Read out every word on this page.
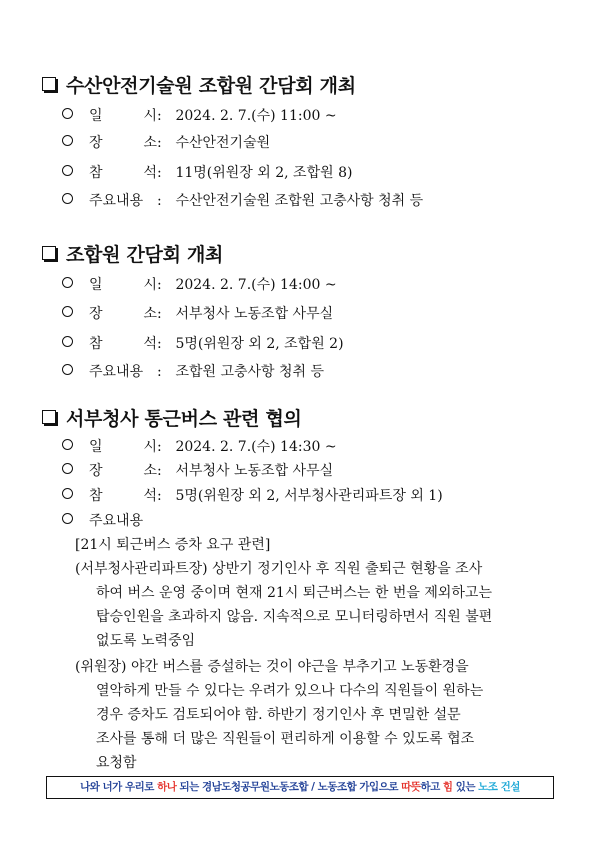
수산안전기술원 조합원 간담회 개최
일	시 : 2024. 2. 7.(수) 11:00 ~
장	소 : 수산안전기술원
참	석 : 11명(위원장 외 2, 조합원 8)
주요내용: 수산안전기술원 조합원 고충사항 청취 등
조합원 간담회 개최
일	시 : 2024. 2. 7.(수) 14:00 ~
장	소 : 서부청사 노동조합 사무실
참	석 : 5명(위원장 외 2, 조합원 2)
주요내용: 조합원 고충사항 청취 등
서부청사 통근버스 관련 협의
일	시 : 2024. 2. 7.(수) 14:30 ~
장	소 : 서부청사 노동조합 사무실
참	석 : 5명(위원장 외 2, 서부청사관리파트장 외 1)
주요내용
[21시 퇴근버스 증차 요구 관련]
(서부청사관리파트장) 상반기 정기인사 후 직원 출퇴근 현황을 조사
하여 버스 운영 중이며 현재 21시 퇴근버스는 한 번을 제외하고는
탑승인원을 초과하지 않음. 지속적으로 모니터링하면서 직원 불편
없도록 노력중임
(위원장) 야간 버스를 증설하는 것이 야근을 부추기고 노동환경을
열악하게 만들 수 있다는 우려가 있으나 다수의 직원들이 원하는
경우 증차도 검토되어야 함. 하반기 정기인사 후 면밀한 설문
조사를 통해 더 많은 직원들이 편리하게 이용할 수 있도록 협조
요청함
나와 너가 우리로 하나 되는 경남도청공무원노동조합 / 노동조합 가입으로 따뜻하고 힘 있는 노조 건설
